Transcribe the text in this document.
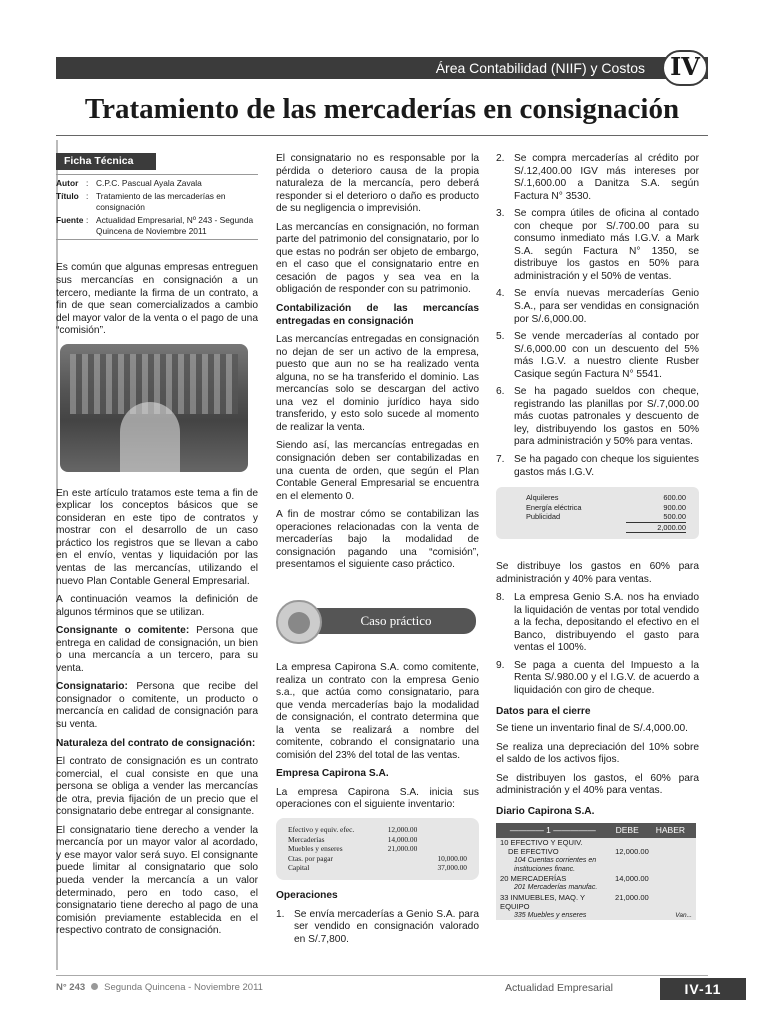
Área Contabilidad (NIIF) y Costos	IV
Tratamiento de las mercaderías en consignación
Ficha Técnica
Autor : C.P.C. Pascual Ayala Zavala
Título : Tratamiento de las mercaderías en consignación
Fuente : Actualidad Empresarial, Nº 243 - Segunda Quincena de Noviembre 2011

Es común que algunas empresas entreguen sus mercancías en consignación a un tercero, mediante la firma de un contrato, a fin de que sean comercializados a cambio del mayor valor de la venta o el pago de una “comisión”.

En este artículo tratamos este tema a fin de explicar los conceptos básicos que se consideran en este tipo de contratos y mostrar con el desarrollo de un caso práctico los registros que se llevan a cabo en el envío, ventas y liquidación por las ventas de las mercancías, utilizando el nuevo Plan Contable General Empresarial.

A continuación veamos la definición de algunos términos que se utilizan.

Consignante o comitente: Persona que entrega en calidad de consignación, un bien o una mercancía a un tercero, para su venta.

Consignatario: Persona que recibe del consignador o comitente, un producto o mercancía en calidad de consignación para su venta.

Naturaleza del contrato de consignación:

El contrato de consignación es un contrato comercial, el cual consiste en que una persona se obliga a vender las mercancías de otra, previa fijación de un precio que el consignatario debe entregar al consignante.

El consignatario tiene derecho a vender la mercancía por un mayor valor al acordado, y ese mayor valor será suyo. El consignante puede limitar al consignatario que solo pueda vender la mercancía a un valor determinado, pero en todo caso, el consignatario tiene derecho al pago de una comisión previamente establecida en el respectivo contrato de consignación.

El consignatario no es responsable por la pérdida o deterioro causa de la propia naturaleza de la mercancía, pero deberá responder si el deterioro o daño es producto de su negligencia o imprevisión.

Las mercancías en consignación, no forman parte del patrimonio del consignatario, por lo que estas no podrán ser objeto de embargo, en el caso que el consignatario entre en cesación de pagos y sea vea en la obligación de responder con su patrimonio.

Contabilización de las mercancías entregadas en consignación

Las mercancías entregadas en consignación no dejan de ser un activo de la empresa, puesto que aun no se ha realizado venta alguna, no se ha transferido el dominio. Las mercancías solo se descargan del activo una vez el dominio jurídico haya sido transferido, y esto solo sucede al momento de realizar la venta.

Siendo así, las mercancías entregadas en consignación deben ser contabilizadas en una cuenta de orden, que según el Plan Contable General Empresarial se encuentra en el elemento 0.

A fin de mostrar cómo se contabilizan las operaciones relacionadas con la venta de mercaderías bajo la modalidad de consignación pagando una “comisión”, presentamos el siguiente caso práctico.

Caso práctico

La empresa Capirona S.A. como comitente, realiza un contrato con la empresa Genio s.a., que actúa como consignatario, para que venda mercaderías bajo la modalidad de consignación, el contrato determina que la venta se realizará a nombre del comitente, cobrando el consignatario una comisión del 23% del total de las ventas.

Empresa Capirona S.A.

La empresa Capirona S.A. inicia sus operaciones con el siguiente inventario:

Efectivo y equiv. efec.	12,000.00
Mercaderías	14,000.00
Muebles y enseres	21,000.00
Ctas. por pagar	10,000.00
Capital	37,000.00

Operaciones

1. Se envía mercaderías a Genio S.A. para ser vendido en consignación valorado en S/.7,800.
2. Se compra mercaderías al crédito por S/.12,400.00 IGV más intereses por S/.1,600.00 a Danitza S.A. según Factura N° 3530.
3. Se compra útiles de oficina al contado con cheque por S/.700.00 para su consumo inmediato más I.G.V. a Mark S.A. según Factura N° 1350, se distribuye los gastos en 50% para administración y el 50% de ventas.
4. Se envía nuevas mercaderías Genio S.A., para ser vendidas en consignación por S/.6,000.00.
5. Se vende mercaderías al contado por S/.6,000.00 con un descuento del 5% más I.G.V. a nuestro cliente Rusber Casique según Factura N° 5541.
6. Se ha pagado sueldos con cheque, registrando las planillas por S/.7,000.00 más cuotas patronales y descuento de ley, distribuyendo los gastos en 50% para administración y 50% para ventas.
7. Se ha pagado con cheque los siguientes gastos más I.G.V.
Alquileres	600.00
Energía eléctrica	900.00
Publicidad	500.00
2,000.00

Se distribuye los gastos en 60% para administración y 40% para ventas.

8. La empresa Genio S.A. nos ha enviado la liquidación de ventas por total vendido a la fecha, depositando el efectivo en el Banco, distribuyendo el gasto para ventas el 100%.
9. Se paga a cuenta del Impuesto a la Renta S/.980.00 y el I.G.V. de acuerdo a liquidación con giro de cheque.

Datos para el cierre

Se tiene un inventario final de S/.4,000.00.

Se realiza una depreciación del 10% sobre el saldo de los activos fijos.

Se distribuyen los gastos, el 60% para administración y el 40% para ventas.

Diario Capirona S.A.

———— 1 —————	DEBE	HABER
10 EFECTIVO Y EQUIV.
DE EFECTIVO	12,000.00
104 Cuentas corrientes en instituciones financ.
20 MERCADERÍAS	14,000.00
201 Mercaderías manufac.
33 INMUEBLES, MAQ. Y EQUIPO
21,000.00
335 Muebles y enseres	Van...
N° 243 Segunda Quincena - Noviembre 2011	Actualidad Empresarial	IV-11
